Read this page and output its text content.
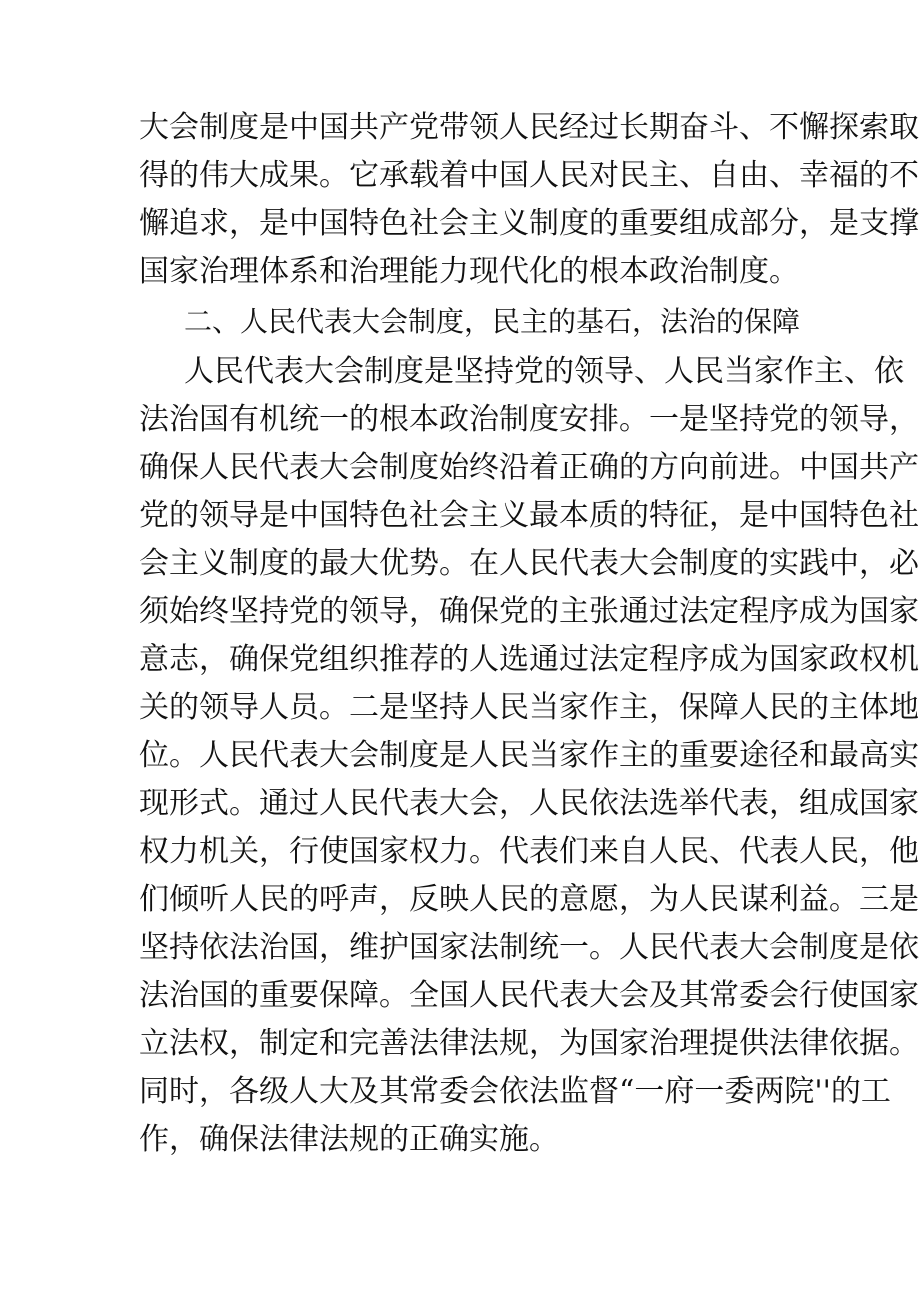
大会制度是中国共产党带领人民经过长期奋斗、不懈探索取
得的伟大成果。它承载着中国人民对民主、自由、幸福的不
懈追求，是中国特色社会主义制度的重要组成部分，是支撑
国家治理体系和治理能力现代化的根本政治制度。
二、人民代表大会制度，民主的基石，法治的保障
人民代表大会制度是坚持党的领导、人民当家作主、依
法治国有机统一的根本政治制度安排。一是坚持党的领导，
确保人民代表大会制度始终沿着正确的方向前进。中国共产
党的领导是中国特色社会主义最本质的特征，是中国特色社
会主义制度的最大优势。在人民代表大会制度的实践中，必
须始终坚持党的领导，确保党的主张通过法定程序成为国家
意志，确保党组织推荐的人选通过法定程序成为国家政权机
关的领导人员。二是坚持人民当家作主，保障人民的主体地
位。人民代表大会制度是人民当家作主的重要途径和最高实
现形式。通过人民代表大会，人民依法选举代表，组成国家
权力机关，行使国家权力。代表们来自人民、代表人民，他
们倾听人民的呼声，反映人民的意愿，为人民谋利益。三是
坚持依法治国，维护国家法制统一。人民代表大会制度是依
法治国的重要保障。全国人民代表大会及其常委会行使国家
立法权，制定和完善法律法规，为国家治理提供法律依据。
同时，各级人大及其常委会依法监督“一府一委两院''的工
作，确保法律法规的正确实施。
